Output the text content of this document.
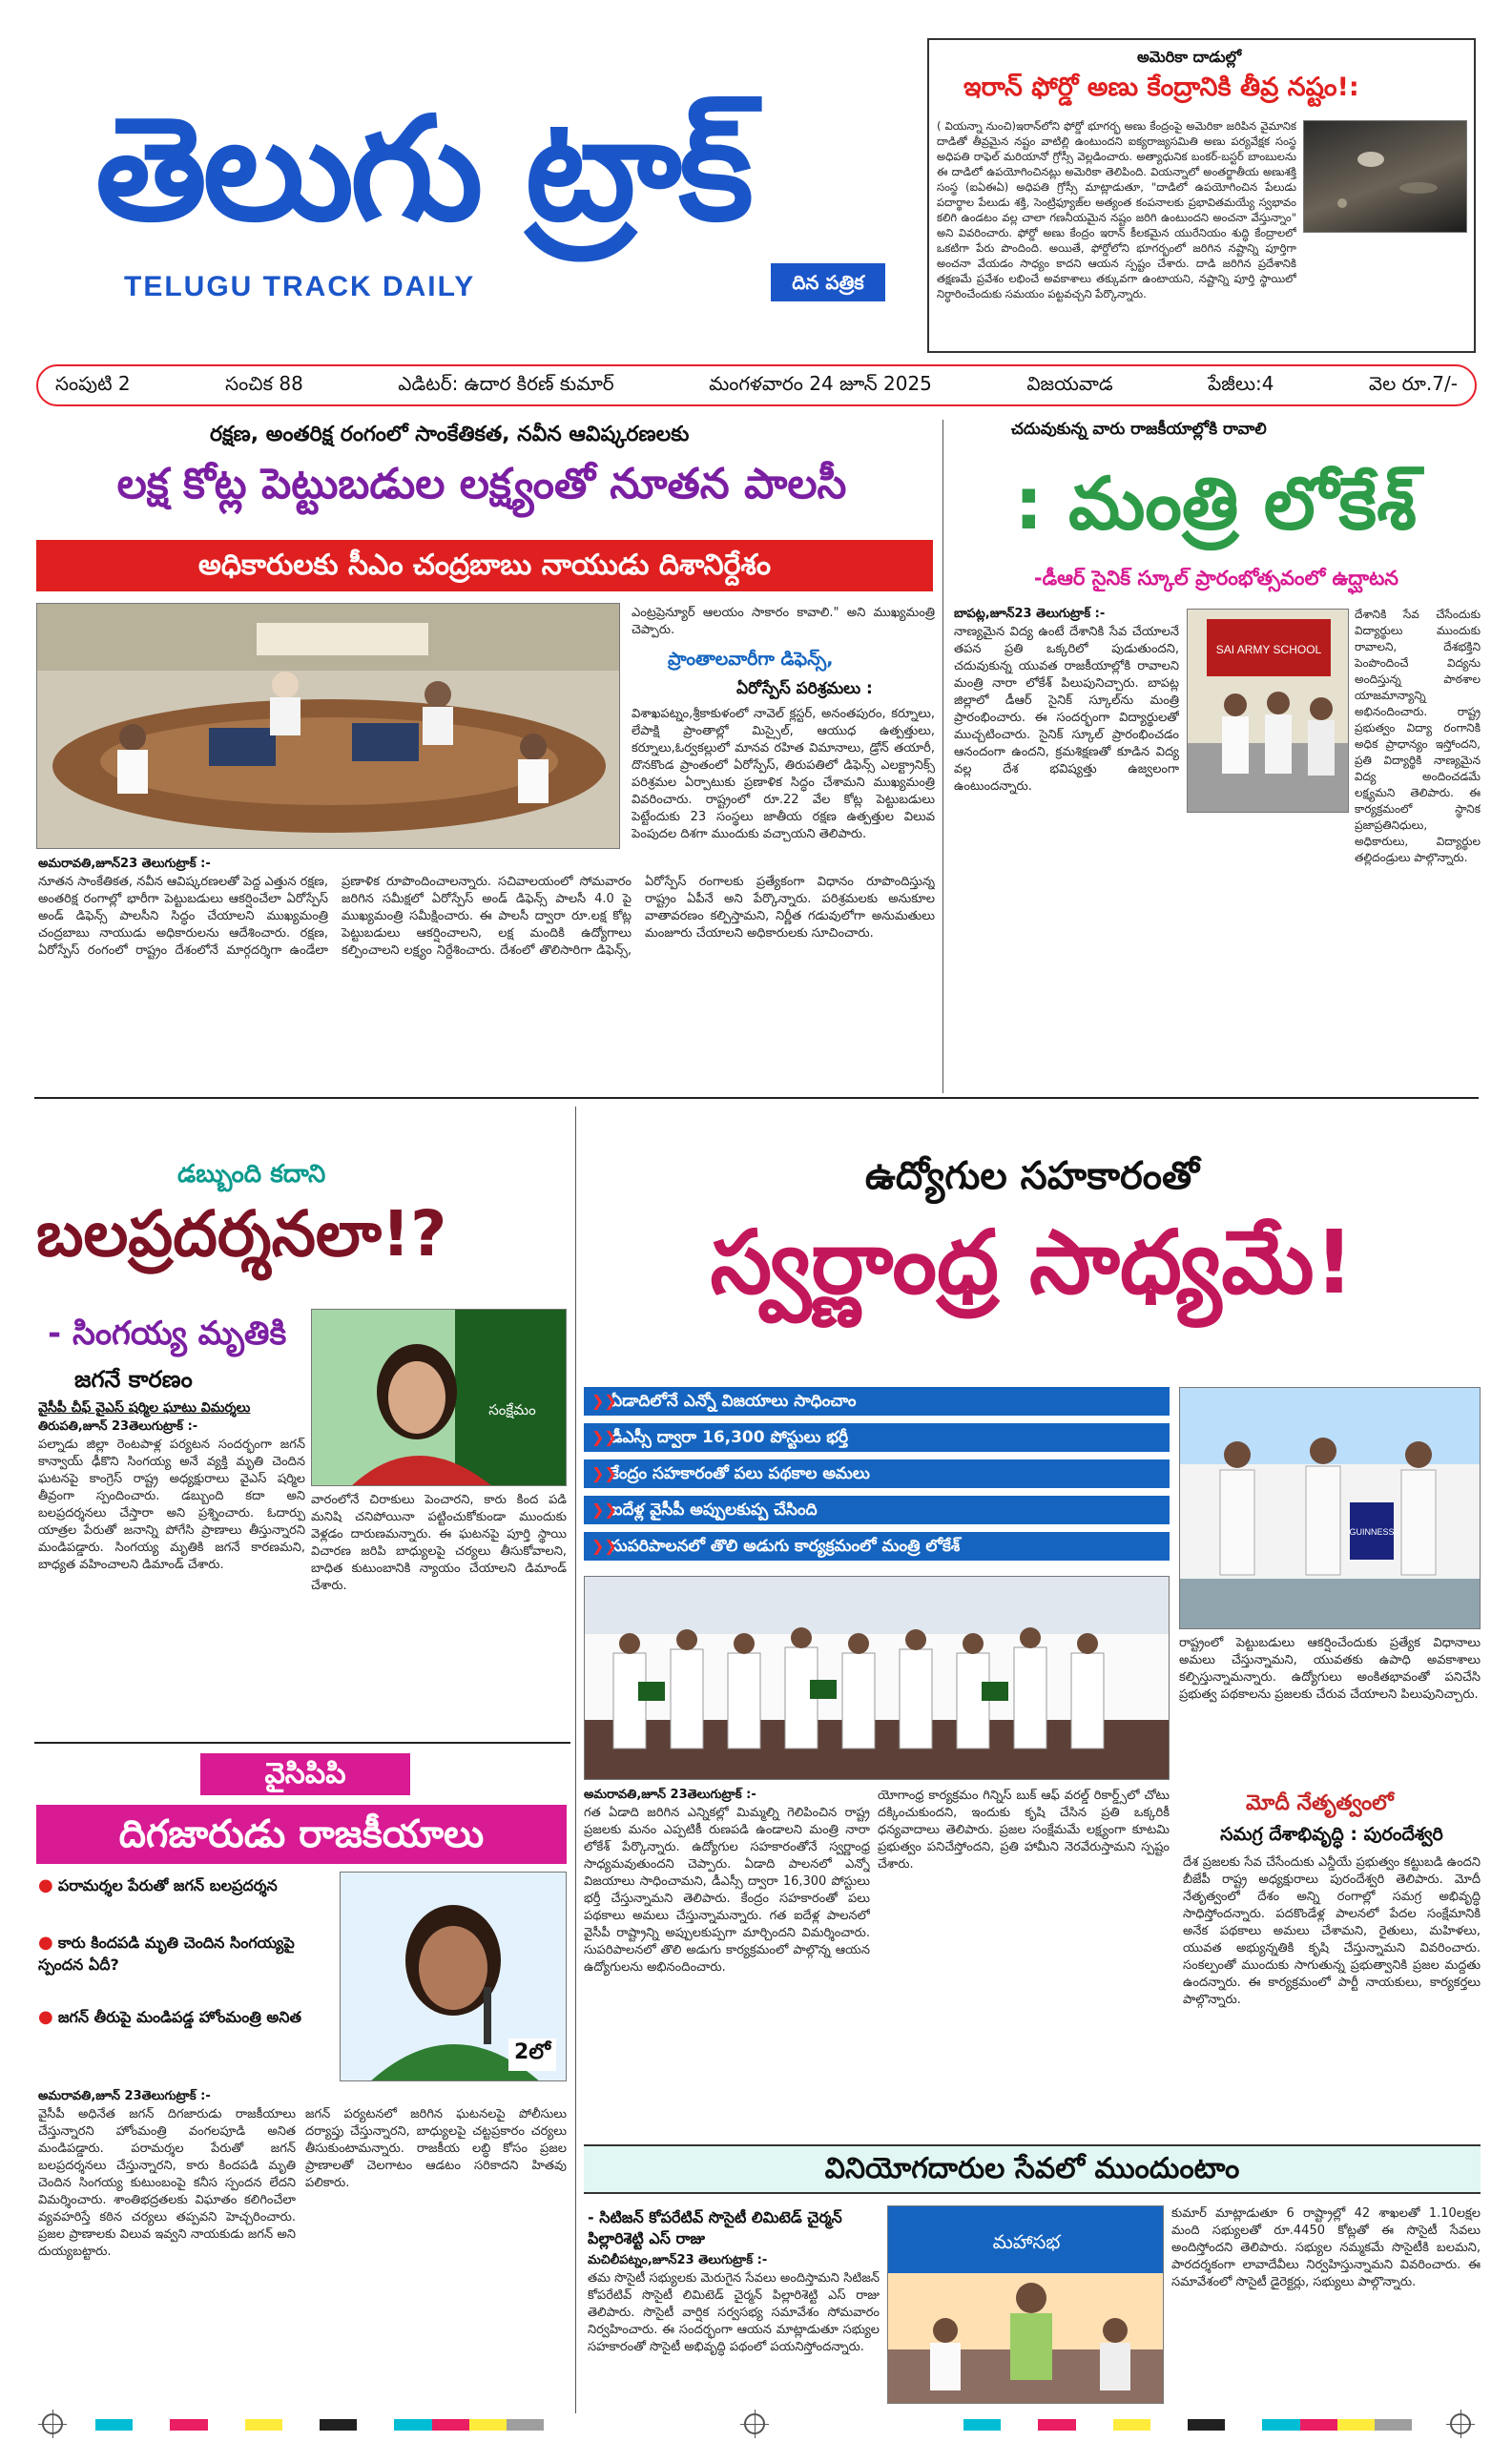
తెలుగు ట్రాక్
TELUGU TRACK DAILY	దిన పత్రిక
అమెరికా దాడుల్లో
ఇరాన్ ఫోర్డో అణు కేంద్రానికి తీవ్ర నష్టం!:
( వియన్నా నుంచి)ఇరాన్‌లోని ఫోర్డో భూగర్భ అణు కేంద్రంపై అమెరికా జరిపిన వైమానిక దాడితో తీవ్రమైన నష్టం వాటిల్లి ఉంటుందని ఐక్యరాజ్యసమితి అణు పర్యవేక్షక సంస్థ అధిపతి రాఫెల్ మరియానో గ్రోస్సీ వెల్లడించారు. అత్యాధునిక బంకర్-బస్టర్ బాంబులను ఈ దాడిలో ఉపయోగించినట్లు అమెరికా తెలిపింది. వియన్నాలో అంతర్జాతీయ అణుశక్తి సంస్థ (ఐఏఈఏ) అధిపతి గ్రోస్సీ మాట్లాడుతూ, "దాడిలో ఉపయోగించిన పేలుడు పదార్థాల పేలుడు శక్తి, సెంట్రిఫ్యూజ్‌ల అత్యంత కంపనాలకు ప్రభావితమయ్యే స్వభావం కలిగి ఉండటం వల్ల చాలా గణనీయమైన నష్టం జరిగి ఉంటుందని అంచనా వేస్తున్నాం" అని వివరించారు. ఫోర్డో అణు కేంద్రం ఇరాన్ కీలకమైన యురేనియం శుద్ధి కేంద్రాలలో ఒకటిగా పేరు పొందింది. అయితే, ఫోర్డోలోని భూగర్భంలో జరిగిన నష్టాన్ని పూర్తిగా అంచనా వేయడం సాధ్యం కాదని ఆయన స్పష్టం చేశారు. దాడి జరిగిన ప్రదేశానికి తక్షణమే ప్రవేశం లభించే అవకాశాలు తక్కువగా ఉంటాయని, నష్టాన్ని పూర్తి స్థాయిలో నిర్ధారించేందుకు సమయం పట్టవచ్చని పేర్కొన్నారు.
సంపుటి 2	సంచిక 88	ఎడిటర్: ఉదార కిరణ్ కుమార్	మంగళవారం 24 జూన్ 2025	విజయవాడ	పేజీలు:4	వెల రూ.7/-
రక్షణ, అంతరిక్ష రంగంలో సాంకేతికత, నవీన ఆవిష్కరణలకు
లక్ష కోట్ల పెట్టుబడుల లక్ష్యంతో నూతన పాలసీ
అధికారులకు సీఎం చంద్రబాబు నాయుడు దిశానిర్దేశం
ఎంట్రప్రెన్యూర్ ఆలయం సాకారం కావాలి." అని ముఖ్యమంత్రి చెప్పారు.
ప్రాంతాలవారీగా డిఫెన్స్,
ఏరోస్పేస్ పరిశ్రమలు :
విశాఖపట్నం,శ్రీకాకుళంలో నావెల్ క్లస్టర్‌, అనంతపురం, కర్నూలు, లేపాక్షి ప్రాంతాల్లో మిస్సైల్, ఆయుధ ఉత్పత్తులు, కర్నూలు,ఓర్వకల్లులో మానవ రహిత విమానాలు, డ్రోన్ తయారీ, దొనకొండ ప్రాంతంలో ఏరోస్పేస్, తిరుపతిలో డిఫెన్స్ ఎలక్ట్రానిక్స్ పరిశ్రమల ఏర్పాటుకు ప్రణాళిక సిద్ధం చేశామని ముఖ్యమంత్రి వివరించారు. రాష్ట్రంలో రూ.22 వేల కోట్ల పెట్టుబడులు పెట్టేందుకు 23 సంస్థలు జాతీయ రక్షణ ఉత్పత్తుల విలువ పెంపుదల దిశగా ముందుకు వచ్చాయని తెలిపారు.
అమరావతి,జూన్23 తెలుగుట్రాక్ :-
నూతన సాంకేతికత, నవీన ఆవిష్కరణలతో పెద్ద ఎత్తున రక్షణ, అంతరిక్ష రంగాల్లో భారీగా పెట్టుబడులు ఆకర్షించేలా ఏరోస్పేస్ అండ్ డిఫెన్స్ పాలసీని సిద్ధం చేయాలని ముఖ్యమంత్రి చంద్రబాబు నాయుడు అధికారులను ఆదేశించారు. రక్షణ, ఏరోస్పేస్ రంగంలో రాష్ట్రం దేశంలోనే మార్గదర్శిగా ఉండేలా ప్రణాళిక రూపొందించాలన్నారు. సచివాలయంలో సోమవారం జరిగిన సమీక్షలో ఏరోస్పేస్ అండ్ డిఫెన్స్ పాలసీ 4.0 పై ముఖ్యమంత్రి సమీక్షించారు. ఈ పాలసీ ద్వారా రూ.లక్ష కోట్ల పెట్టుబడులు ఆకర్షించాలని, లక్ష మందికి ఉద్యోగాలు కల్పించాలని లక్ష్యం నిర్దేశించారు. దేశంలో తొలిసారిగా డిఫెన్స్, ఏరోస్పేస్ రంగాలకు ప్రత్యేకంగా విధానం రూపొందిస్తున్న రాష్ట్రం ఏపీనే అని పేర్కొన్నారు. పరిశ్రమలకు అనుకూల వాతావరణం కల్పిస్తామని, నిర్ణీత గడువులోగా అనుమతులు మంజూరు చేయాలని అధికారులకు సూచించారు.
చదువుకున్న వారు రాజకీయాల్లోకి రావాలి
: మంత్రి లోకేశ్
-డీఆర్ సైనిక్ స్కూల్ ప్రారంభోత్సవంలో ఉద్ఘాటన
బాపట్ల,జూన్23 తెలుగుట్రాక్ :-
నాణ్యమైన విద్య ఉంటే దేశానికి సేవ చేయాలనే తపన ప్రతి ఒక్కరిలో పుడుతుందని, చదువుకున్న యువత రాజకీయాల్లోకి రావాలని మంత్రి నారా లోకేశ్ పిలుపునిచ్చారు. బాపట్ల జిల్లాలో డీఆర్ సైనిక్ స్కూల్‌ను మంత్రి ప్రారంభించారు. ఈ సందర్భంగా విద్యార్థులతో ముచ్చటించారు. సైనిక్ స్కూల్ ప్రారంభించడం ఆనందంగా ఉందని, క్రమశిక్షణతో కూడిన విద్య వల్ల దేశ భవిష్యత్తు ఉజ్వలంగా ఉంటుందన్నారు.
SAI ARMY SCHOOL
దేశానికి సేవ చేసేందుకు విద్యార్థులు ముందుకు రావాలని, దేశభక్తిని పెంపొందించే విద్యను అందిస్తున్న పాఠశాల యాజమాన్యాన్ని అభినందించారు. రాష్ట్ర ప్రభుత్వం విద్యా రంగానికి అధిక ప్రాధాన్యం ఇస్తోందని, ప్రతి విద్యార్థికి నాణ్యమైన విద్య అందించడమే లక్ష్యమని తెలిపారు. ఈ కార్యక్రమంలో స్థానిక ప్రజాప్రతినిధులు, అధికారులు, విద్యార్థుల తల్లిదండ్రులు పాల్గొన్నారు.
డబ్బుంది కదాని
బలప్రదర్శనలా!?
- సింగయ్య మృతికి
జగనే కారణం
వైసీపీ చీఫ్ వైఎస్ షర్మిల ఘాటు విమర్శలు	సంక్షేమం
తిరుపతి,జూన్ 23తెలుగుట్రాక్ :-
పల్నాడు జిల్లా రెంటపాళ్ల పర్యటన సందర్భంగా జగన్ కాన్వాయ్ ఢీకొని సింగయ్య అనే వ్యక్తి మృతి చెందిన ఘటనపై కాంగ్రెస్ రాష్ట్ర అధ్యక్షురాలు వైఎస్ షర్మిల తీవ్రంగా స్పందించారు. డబ్బుంది కదా అని బలప్రదర్శనలు చేస్తారా అని ప్రశ్నించారు. ఓదార్పు యాత్రల పేరుతో జనాన్ని పోగేసి ప్రాణాలు తీస్తున్నారని మండిపడ్డారు. సింగయ్య మృతికి జగనే కారణమని, బాధ్యత వహించాలని డిమాండ్ చేశారు.
వారంలోనే చిరాకులు పెంచారని, కారు కింద పడి మనిషి చనిపోయినా పట్టించుకోకుండా ముందుకు వెళ్లడం దారుణమన్నారు. ఈ ఘటనపై పూర్తి స్థాయి విచారణ జరిపి బాధ్యులపై చర్యలు తీసుకోవాలని, బాధిత కుటుంబానికి న్యాయం చేయాలని డిమాండ్ చేశారు.
వైసిపిపి
దిగజారుడు రాజకీయాలు
● పరామర్శల పేరుతో జగన్ బలప్రదర్శన
● కారు కిందపడి మృతి చెందిన సింగయ్యపై స్పందన ఏదీ?
● జగన్ తీరుపై మండిపడ్డ హోంమంత్రి అనిత
2లో
అమరావతి,జూన్ 23తెలుగుట్రాక్ :-
వైసీపీ అధినేత జగన్ దిగజారుడు రాజకీయాలు చేస్తున్నారని హోంమంత్రి వంగలపూడి అనిత మండిపడ్డారు. పరామర్శల పేరుతో జగన్ బలప్రదర్శనలు చేస్తున్నారని, కారు కిందపడి మృతి చెందిన సింగయ్య కుటుంబంపై కనీస స్పందన లేదని విమర్శించారు. శాంతిభద్రతలకు విఘాతం కలిగించేలా వ్యవహరిస్తే కఠిన చర్యలు తప్పవని హెచ్చరించారు. ప్రజల ప్రాణాలకు విలువ ఇవ్వని నాయకుడు జగన్ అని దుయ్యబట్టారు.
జగన్ పర్యటనలో జరిగిన ఘటనలపై పోలీసులు దర్యాప్తు చేస్తున్నారని, బాధ్యులపై చట్టప్రకారం చర్యలు తీసుకుంటామన్నారు. రాజకీయ లబ్ధి కోసం ప్రజల ప్రాణాలతో చెలగాటం ఆడటం సరికాదని హితవు పలికారు.
ఉద్యోగుల సహకారంతో
స్వర్ణాంధ్ర సాధ్యమే!
❯❯
ఏడాదిలోనే ఎన్నో విజయాలు సాధించాం
❯❯
డీఎస్సీ ద్వారా 16,300 పోస్టులు భర్తీ
❯❯
కేంద్రం సహకారంతో పలు పథకాల అమలు
❯❯
ఐదేళ్ల వైసీపీ అప్పులకుప్ప చేసింది
❯❯
సుపరిపాలనలో తొలి అడుగు కార్యక్రమంలో మంత్రి లోకేశ్
GUINNESS
రాష్ట్రంలో పెట్టుబడులు ఆకర్షించేందుకు ప్రత్యేక విధానాలు అమలు చేస్తున్నామని, యువతకు ఉపాధి అవకాశాలు కల్పిస్తున్నామన్నారు. ఉద్యోగులు అంకితభావంతో పనిచేసి ప్రభుత్వ పథకాలను ప్రజలకు చేరువ చేయాలని పిలుపునిచ్చారు.
అమరావతి,జూన్ 23తెలుగుట్రాక్ :-
గత ఏడాది జరిగిన ఎన్నికల్లో మిమ్మల్ని గెలిపించిన రాష్ట్ర ప్రజలకు మనం ఎప్పటికీ రుణపడి ఉండాలని మంత్రి నారా లోకేశ్ పేర్కొన్నారు. ఉద్యోగుల సహకారంతోనే స్వర్ణాంధ్ర సాధ్యమవుతుందని చెప్పారు. ఏడాది పాలనలో ఎన్నో విజయాలు సాధించామని, డీఎస్సీ ద్వారా 16,300 పోస్టులు భర్తీ చేస్తున్నామని తెలిపారు. కేంద్రం సహకారంతో పలు పథకాలు అమలు చేస్తున్నామన్నారు. గత ఐదేళ్ల పాలనలో వైసీపీ రాష్ట్రాన్ని అప్పులకుప్పగా మార్చిందని విమర్శించారు. సుపరిపాలనలో తొలి అడుగు కార్యక్రమంలో పాల్గొన్న ఆయన ఉద్యోగులను అభినందించారు.
యోగాంధ్ర కార్యక్రమం గిన్నిస్ బుక్ ఆఫ్ వరల్డ్ రికార్డ్స్‌లో చోటు దక్కించుకుందని, ఇందుకు కృషి చేసిన ప్రతి ఒక్కరికీ ధన్యవాదాలు తెలిపారు. ప్రజల సంక్షేమమే లక్ష్యంగా కూటమి ప్రభుత్వం పనిచేస్తోందని, ప్రతి హామీని నెరవేరుస్తామని స్పష్టం చేశారు.
మోదీ నేతృత్వంలో
సమగ్ర దేశాభివృద్ధి : పురందేశ్వరి
దేశ ప్రజలకు సేవ చేసేందుకు ఎన్డీయే ప్రభుత్వం కట్టుబడి ఉందని బీజేపీ రాష్ట్ర అధ్యక్షురాలు పురందేశ్వరి తెలిపారు. మోదీ నేతృత్వంలో దేశం అన్ని రంగాల్లో సమగ్ర అభివృద్ధి సాధిస్తోందన్నారు. పదకొండేళ్ల పాలనలో పేదల సంక్షేమానికి అనేక పథకాలు అమలు చేశామని, రైతులు, మహిళలు, యువత అభ్యున్నతికి కృషి చేస్తున్నామని వివరించారు. సంకల్పంతో ముందుకు సాగుతున్న ప్రభుత్వానికి ప్రజల మద్దతు ఉందన్నారు. ఈ కార్యక్రమంలో పార్టీ నాయకులు, కార్యకర్తలు పాల్గొన్నారు.
వినియోగదారుల సేవలో ముందుంటాం
- సిటిజన్ కోపరేటివ్ సొసైటీ లిమిటెడ్ చైర్మన్ పిల్లారిశెట్టి ఎస్ రాజు
మచిలీపట్నం,జూన్23 తెలుగుట్రాక్ :-
తమ సొసైటీ సభ్యులకు మెరుగైన సేవలు అందిస్తామని సిటిజన్ కోపరేటివ్ సొసైటీ లిమిటెడ్ చైర్మన్ పిల్లారిశెట్టి ఎస్ రాజు తెలిపారు. సొసైటీ వార్షిక సర్వసభ్య సమావేశం సోమవారం నిర్వహించారు. ఈ సందర్భంగా ఆయన మాట్లాడుతూ సభ్యుల సహకారంతో సొసైటీ అభివృద్ధి పథంలో పయనిస్తోందన్నారు.
మహాసభ
కుమార్ మాట్లాడుతూ 6 రాష్ట్రాల్లో 42 శాఖలతో 1.10లక్షల మంది సభ్యులతో రూ.4450 కోట్లతో ఈ సొసైటీ సేవలు అందిస్తోందని తెలిపారు. సభ్యుల నమ్మకమే సొసైటీకి బలమని, పారదర్శకంగా లావాదేవీలు నిర్వహిస్తున్నామని వివరించారు. ఈ సమావేశంలో సొసైటీ డైరెక్టర్లు, సభ్యులు పాల్గొన్నారు.
